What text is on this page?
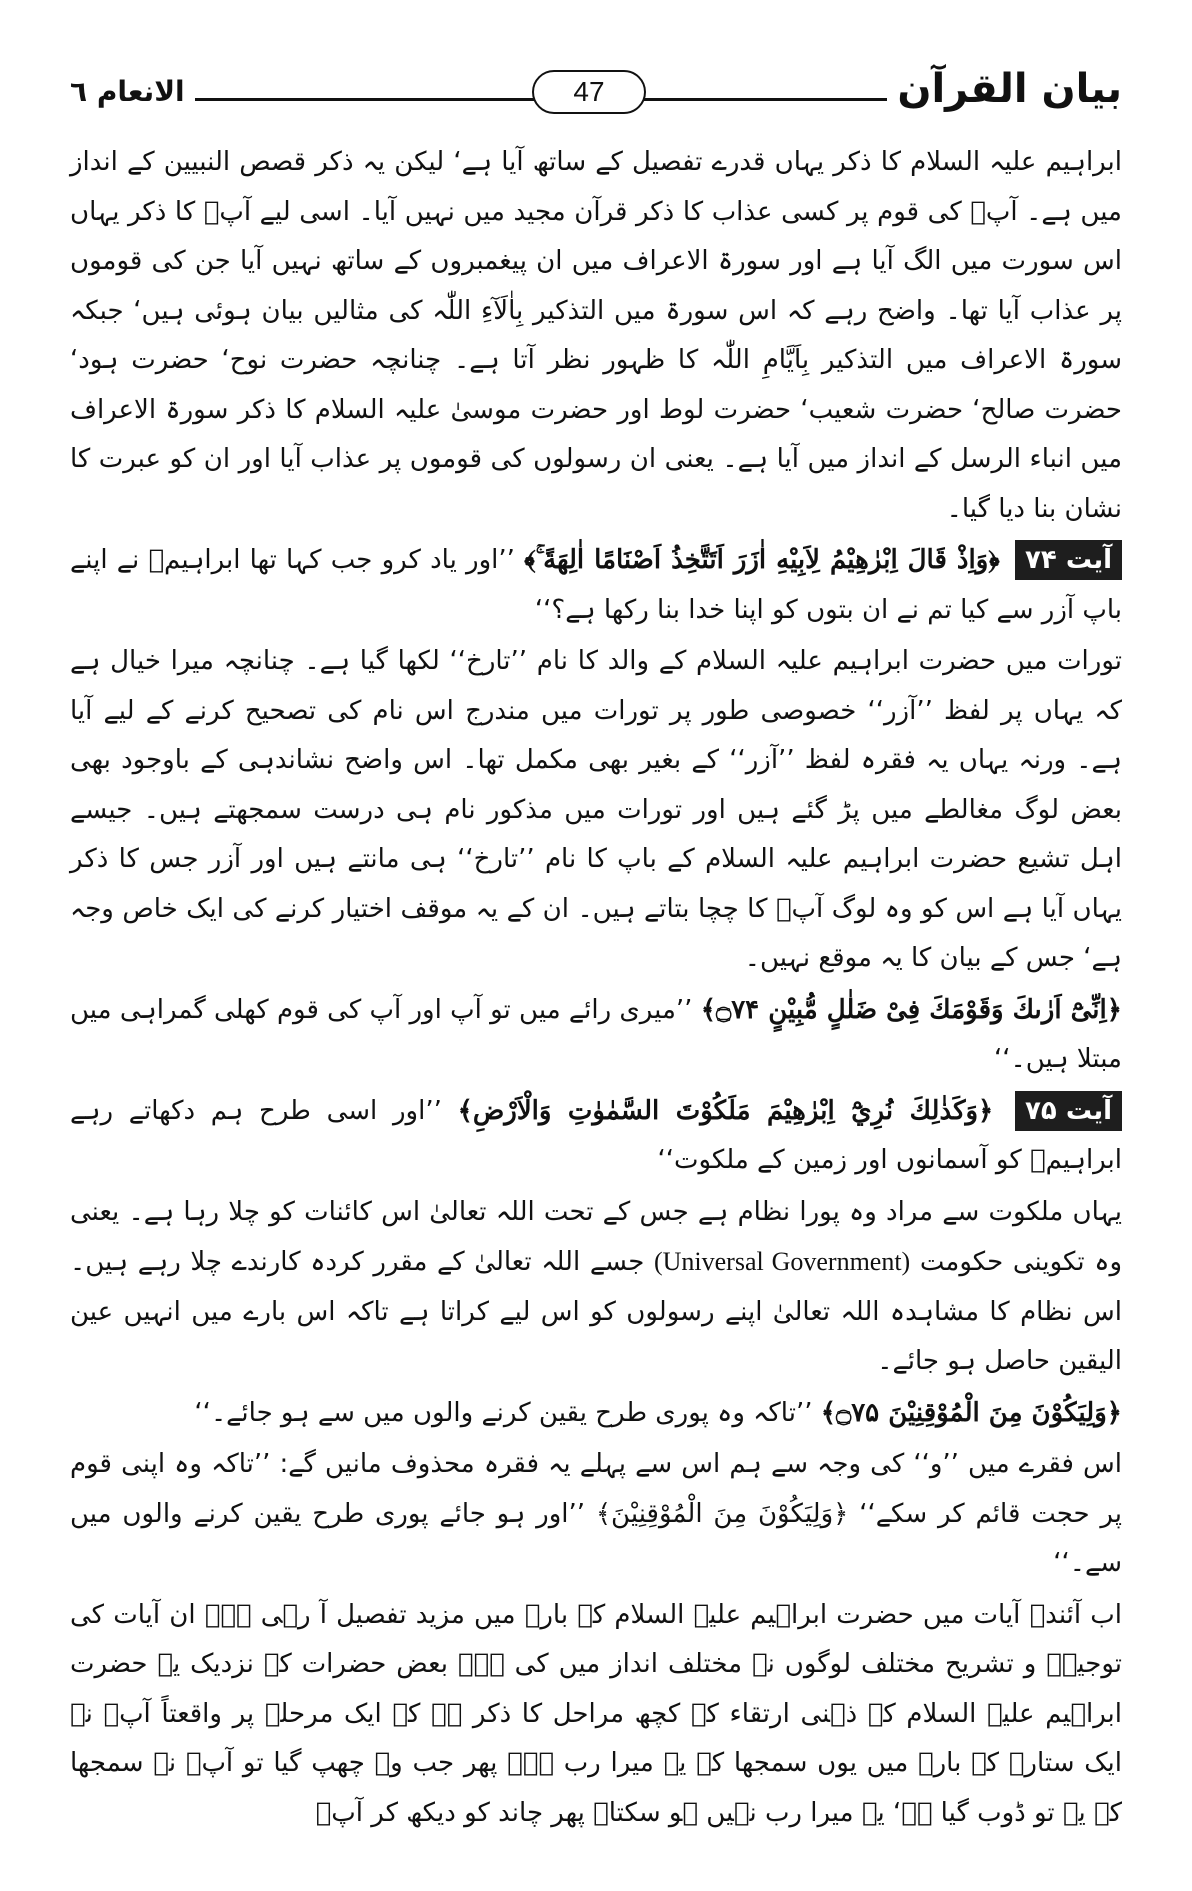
بیان القرآن
47
الانعام ٦

ابراہیم علیہ السلام کا ذکر یہاں قدرے تفصیل کے ساتھ آیا ہے‘ لیکن یہ ذکر قصص النبیین کے انداز میں ہے۔ آپؑ کی قوم پر کسی عذاب کا ذکر قرآن مجید میں نہیں آیا۔ اسی لیے آپؑ کا ذکر یہاں اس سورت میں الگ آیا ہے اور سورۃ الاعراف میں ان پیغمبروں کے ساتھ نہیں آیا جن کی قوموں پر عذاب آیا تھا۔ واضح رہے کہ اس سورۃ میں التذکیر بِاٰلَآءِ اللّٰہ کی مثالیں بیان ہوئی ہیں‘ جبکہ سورۃ الاعراف میں التذکیر بِاَیَّامِ اللّٰہ کا ظہور نظر آتا ہے۔ چنانچہ حضرت نوح‘ حضرت ہود‘ حضرت صالح‘ حضرت شعیب‘ حضرت لوط اور حضرت موسیٰ علیہ السلام کا ذکر سورۃ الاعراف میں انباء الرسل کے انداز میں آیا ہے۔ یعنی ان رسولوں کی قوموں پر عذاب آیا اور ان کو عبرت کا نشان بنا دیا گیا۔

آیت ۷۴ ﴿وَاِذْ قَالَ اِبْرٰهِيْمُ لِاَبِيْهِ اٰزَرَ اَتَتَّخِذُ اَصْنَامًا اٰلِهَةً ۚ﴾ ’’اور یاد کرو جب کہا تھا ابراہیمؑ نے اپنے باپ آزر سے کیا تم نے ان بتوں کو اپنا خدا بنا رکھا ہے؟‘‘

تورات میں حضرت ابراہیم علیہ السلام کے والد کا نام ’’تارخ‘‘ لکھا گیا ہے۔ چنانچہ میرا خیال ہے کہ یہاں پر لفظ ’’آزر‘‘ خصوصی طور پر تورات میں مندرج اس نام کی تصحیح کرنے کے لیے آیا ہے۔ ورنہ یہاں یہ فقرہ لفظ ’’آزر‘‘ کے بغیر بھی مکمل تھا۔ اس واضح نشاندہی کے باوجود بھی بعض لوگ مغالطے میں پڑ گئے ہیں اور تورات میں مذکور نام ہی درست سمجھتے ہیں۔ جیسے اہل تشیع حضرت ابراہیم علیہ السلام کے باپ کا نام ’’تارخ‘‘ ہی مانتے ہیں اور آزر جس کا ذکر یہاں آیا ہے اس کو وہ لوگ آپؑ کا چچا بتاتے ہیں۔ ان کے یہ موقف اختیار کرنے کی ایک خاص وجہ ہے‘ جس کے بیان کا یہ موقع نہیں۔

﴿اِنِّىْٓ اَرٰىكَ وَقَوْمَكَ فِىْ ضَلٰلٍ مُّبِيْنٍ ۝۷۴﴾ ’’میری رائے میں تو آپ اور آپ کی قوم کھلی گمراہی میں مبتلا ہیں۔‘‘

آیت ۷۵ ﴿وَكَذٰلِكَ نُرِيْٓ اِبْرٰهِيْمَ مَلَكُوْتَ السَّمٰوٰتِ وَالْاَرْضِ﴾ ’’اور اسی طرح ہم دکھاتے رہے ابراہیمؑ کو آسمانوں اور زمین کے ملکوت‘‘

یہاں ملکوت سے مراد وہ پورا نظام ہے جس کے تحت اللہ تعالیٰ اس کائنات کو چلا رہا ہے۔ یعنی وہ تکوینی حکومت (Universal Government) جسے اللہ تعالیٰ کے مقرر کردہ کارندے چلا رہے ہیں۔ اس نظام کا مشاہدہ اللہ تعالیٰ اپنے رسولوں کو اس لیے کراتا ہے تاکہ اس بارے میں انہیں عین الیقین حاصل ہو جائے۔

﴿وَلِيَكُوْنَ مِنَ الْمُوْقِنِيْنَ ۝۷۵﴾ ’’تاکہ وہ پوری طرح یقین کرنے والوں میں سے ہو جائے۔‘‘

اس فقرے میں ’’و‘‘ کی وجہ سے ہم اس سے پہلے یہ فقرہ محذوف مانیں گے: ’’تاکہ وہ اپنی قوم پر حجت قائم کر سکے‘‘ ﴿وَلِيَكُوْنَ مِنَ الْمُوْقِنِيْنَ﴾ ’’اور ہو جائے پوری طرح یقین کرنے والوں میں سے۔‘‘

اب آئندہ آیات میں حضرت ابراہیم علیہ السلام کے بارے میں مزید تفصیل آ رہی ہے۔ ان آیات کی توجیہہ و تشریح مختلف لوگوں نے مختلف انداز میں کی ہے۔ بعض حضرات کے نزدیک یہ حضرت ابراہیم علیہ السلام کے ذہنی ارتقاء کے کچھ مراحل کا ذکر ہے کہ ایک مرحلے پر واقعتاً آپؑ نے ایک ستارے کے بارے میں یوں سمجھا کہ یہ میرا رب ہے۔ پھر جب وہ چھپ گیا تو آپؑ نے سمجھا کہ یہ تو ڈوب گیا ہے‘ یہ میرا رب نہیں ہو سکتا۔ پھر چاند کو دیکھ کر آپؑ
